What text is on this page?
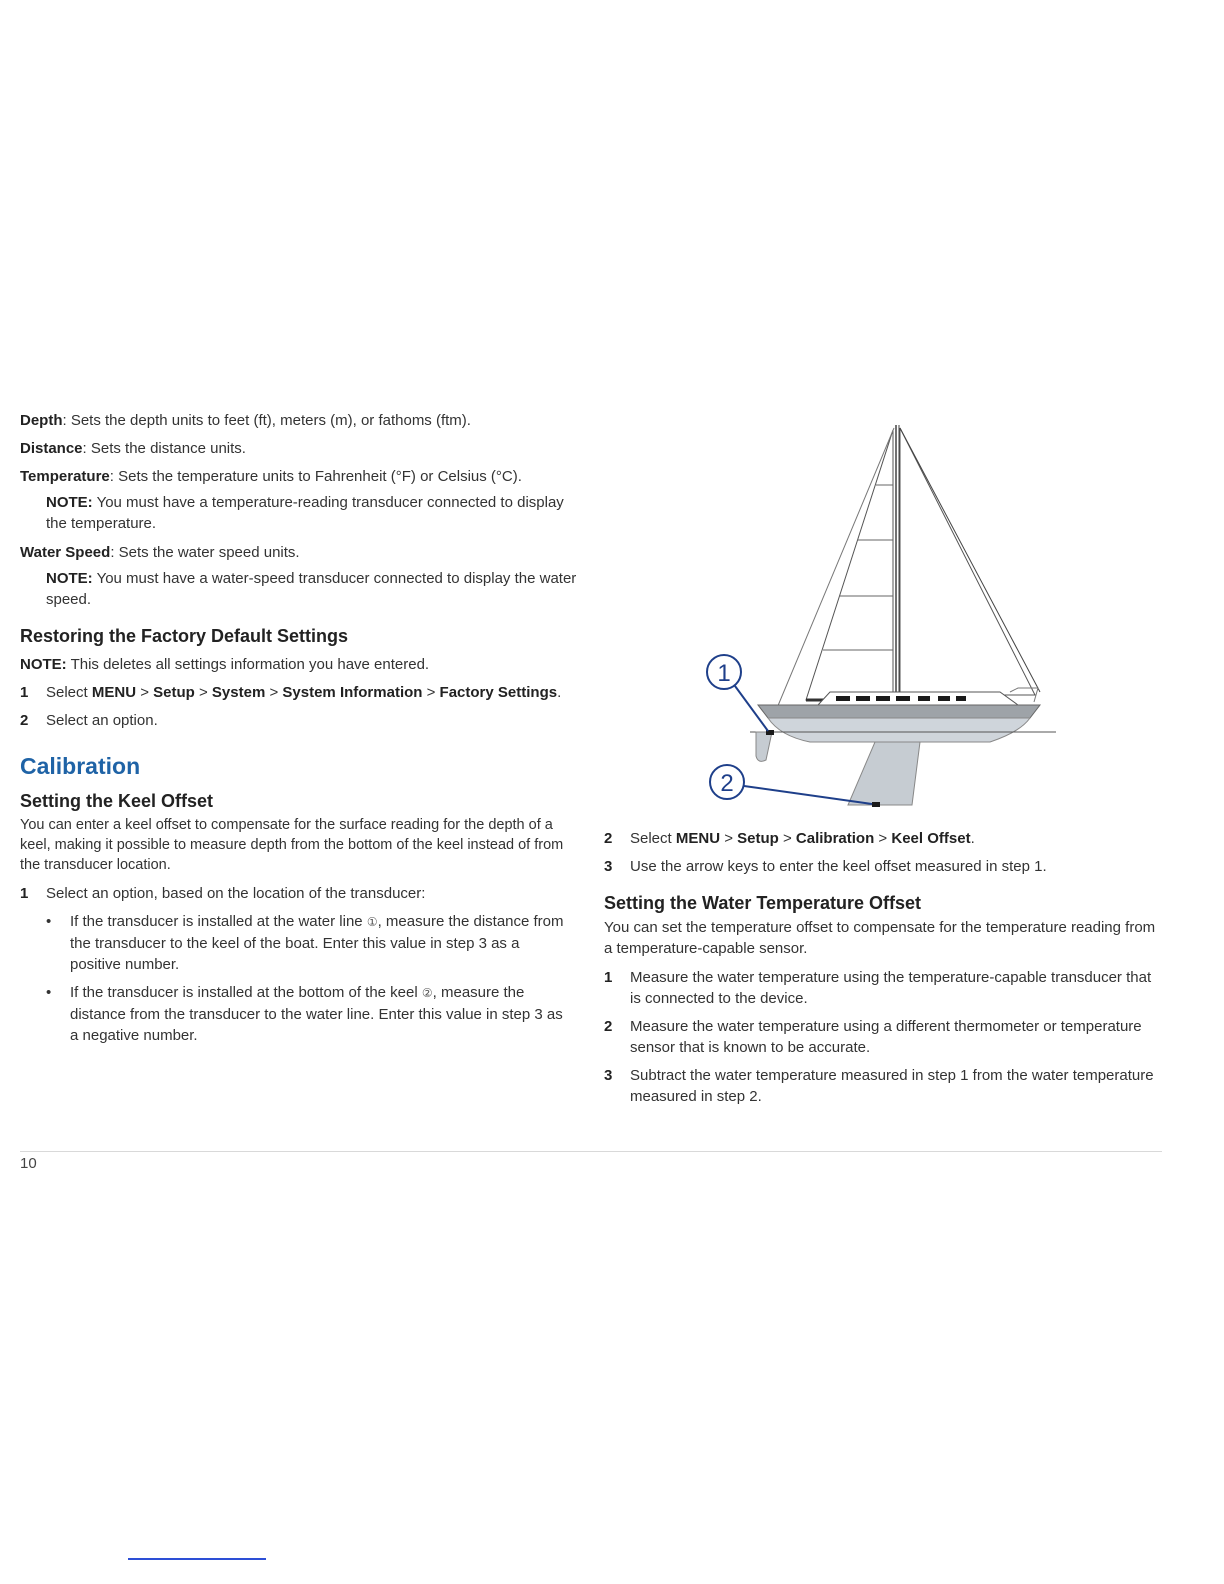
Depth: Sets the depth units to feet (ft), meters (m), or fathoms (ftm).

Distance: Sets the distance units.

Temperature: Sets the temperature units to Fahrenheit (°F) or Celsius (°C).

NOTE: You must have a temperature-reading transducer connected to display the temperature.

Water Speed: Sets the water speed units.

NOTE: You must have a water-speed transducer connected to display the water speed.

Restoring the Factory Default Settings

NOTE: This deletes all settings information you have entered.

1 Select MENU > Setup > System > System Information > Factory Settings.
2 Select an option.
Calibration
Setting the Keel Offset

You can enter a keel offset to compensate for the surface reading for the depth of a keel, making it possible to measure depth from the bottom of the keel instead of from the transducer location.

1 Select an option, based on the location of the transducer:
• If the transducer is installed at the water line ①, measure the distance from the transducer to the keel of the boat. Enter this value in step 3 as a positive number.
• If the transducer is installed at the bottom of the keel ②, measure the distance from the transducer to the water line. Enter this value in step 3 as a negative number.
1
2
2 Select MENU > Setup > Calibration > Keel Offset.
3 Use the arrow keys to enter the keel offset measured in step 1.
Setting the Water Temperature Offset

You can set the temperature offset to compensate for the temperature reading from a temperature-capable sensor.

1 Measure the water temperature using the temperature-capable transducer that is connected to the device.
2 Measure the water temperature using a different thermometer or temperature sensor that is known to be accurate.
3 Subtract the water temperature measured in step 1 from the water temperature measured in step 2.
10
